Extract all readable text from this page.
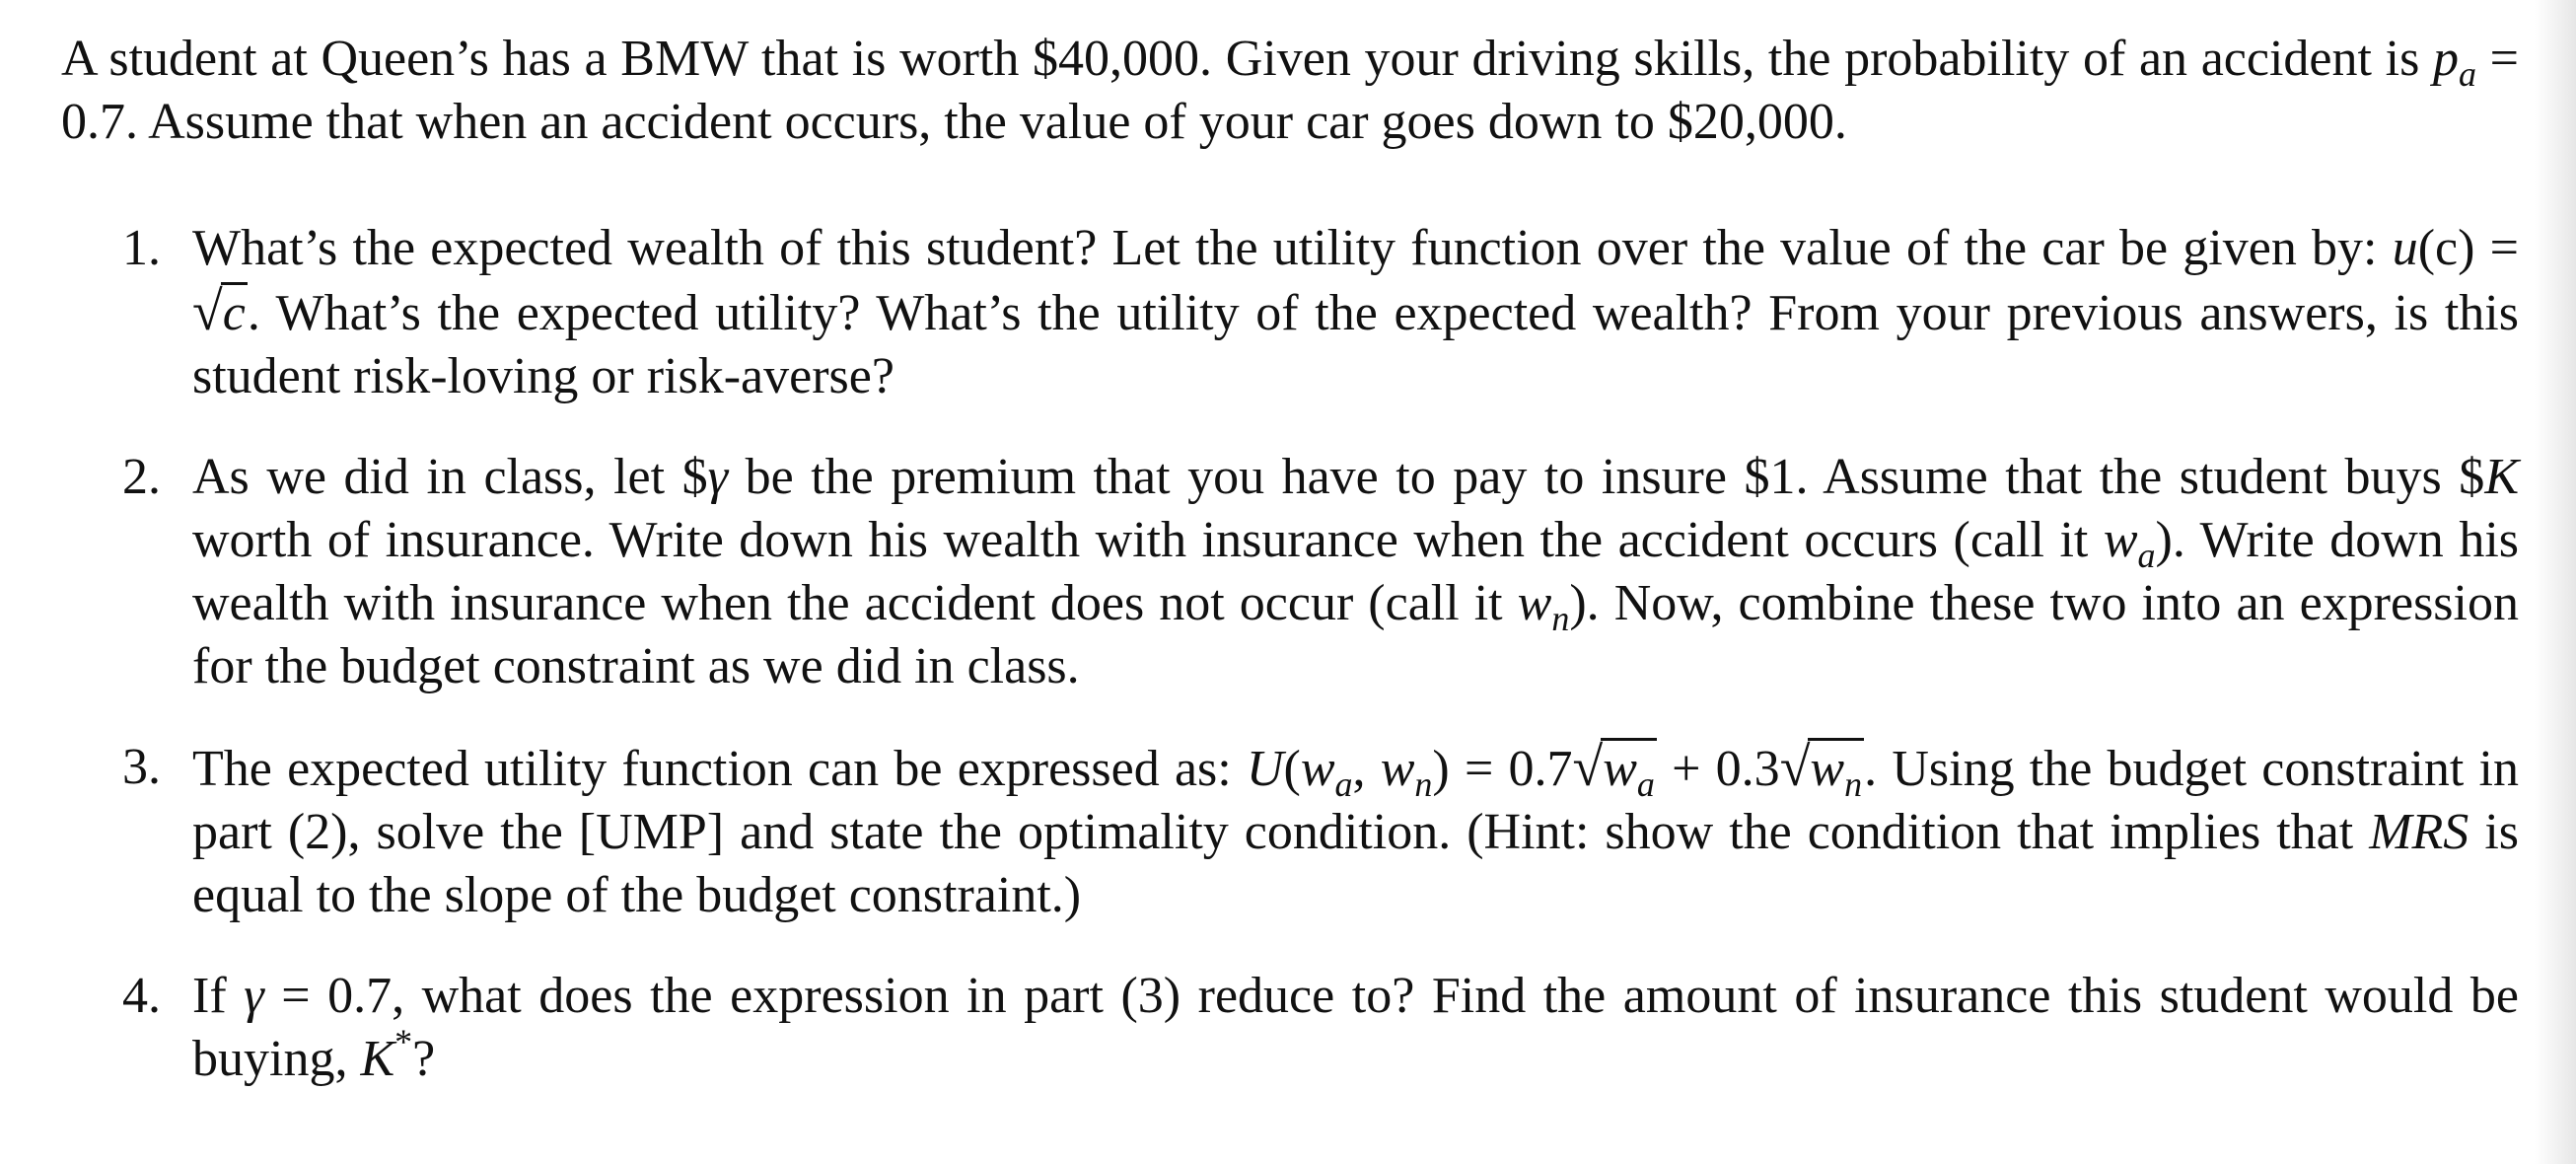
A student at Queen’s has a BMW that is worth $40,000. Given your driving skills, the probability of an accident is $p_a = 0.7$. Assume that when an accident occurs, the value of your car goes down to $20,000.

1. What’s the expected wealth of this student? Let the utility function over the value of the car be given by: u(c) = √c. What’s the expected utility? What’s the utility of the expected wealth? From your previous answers, is this student risk-loving or risk-averse?
2. As we did in class, let $γ be the premium that you have to pay to insure $1. Assume that the student buys $K worth of insurance. Write down his wealth with insurance when the accident occurs (call it $w_a$). Write down his wealth with insurance when the accident does not occur (call it $w_n$). Now, combine these two into an expression for the budget constraint as we did in class.
3. The expected utility function can be expressed as: $U(w_a$, $w_n) = 0.7√w_a + 0.3√w_n$. Using the budget constraint in part (2), solve the [UMP] and state the optimality condition. (Hint: show the condition that implies that MRS is equal to the slope of the budget constraint.)
4. If γ = 0.7, what does the expression in part (3) reduce to? Find the amount of insurance this student would be buying, K*?
